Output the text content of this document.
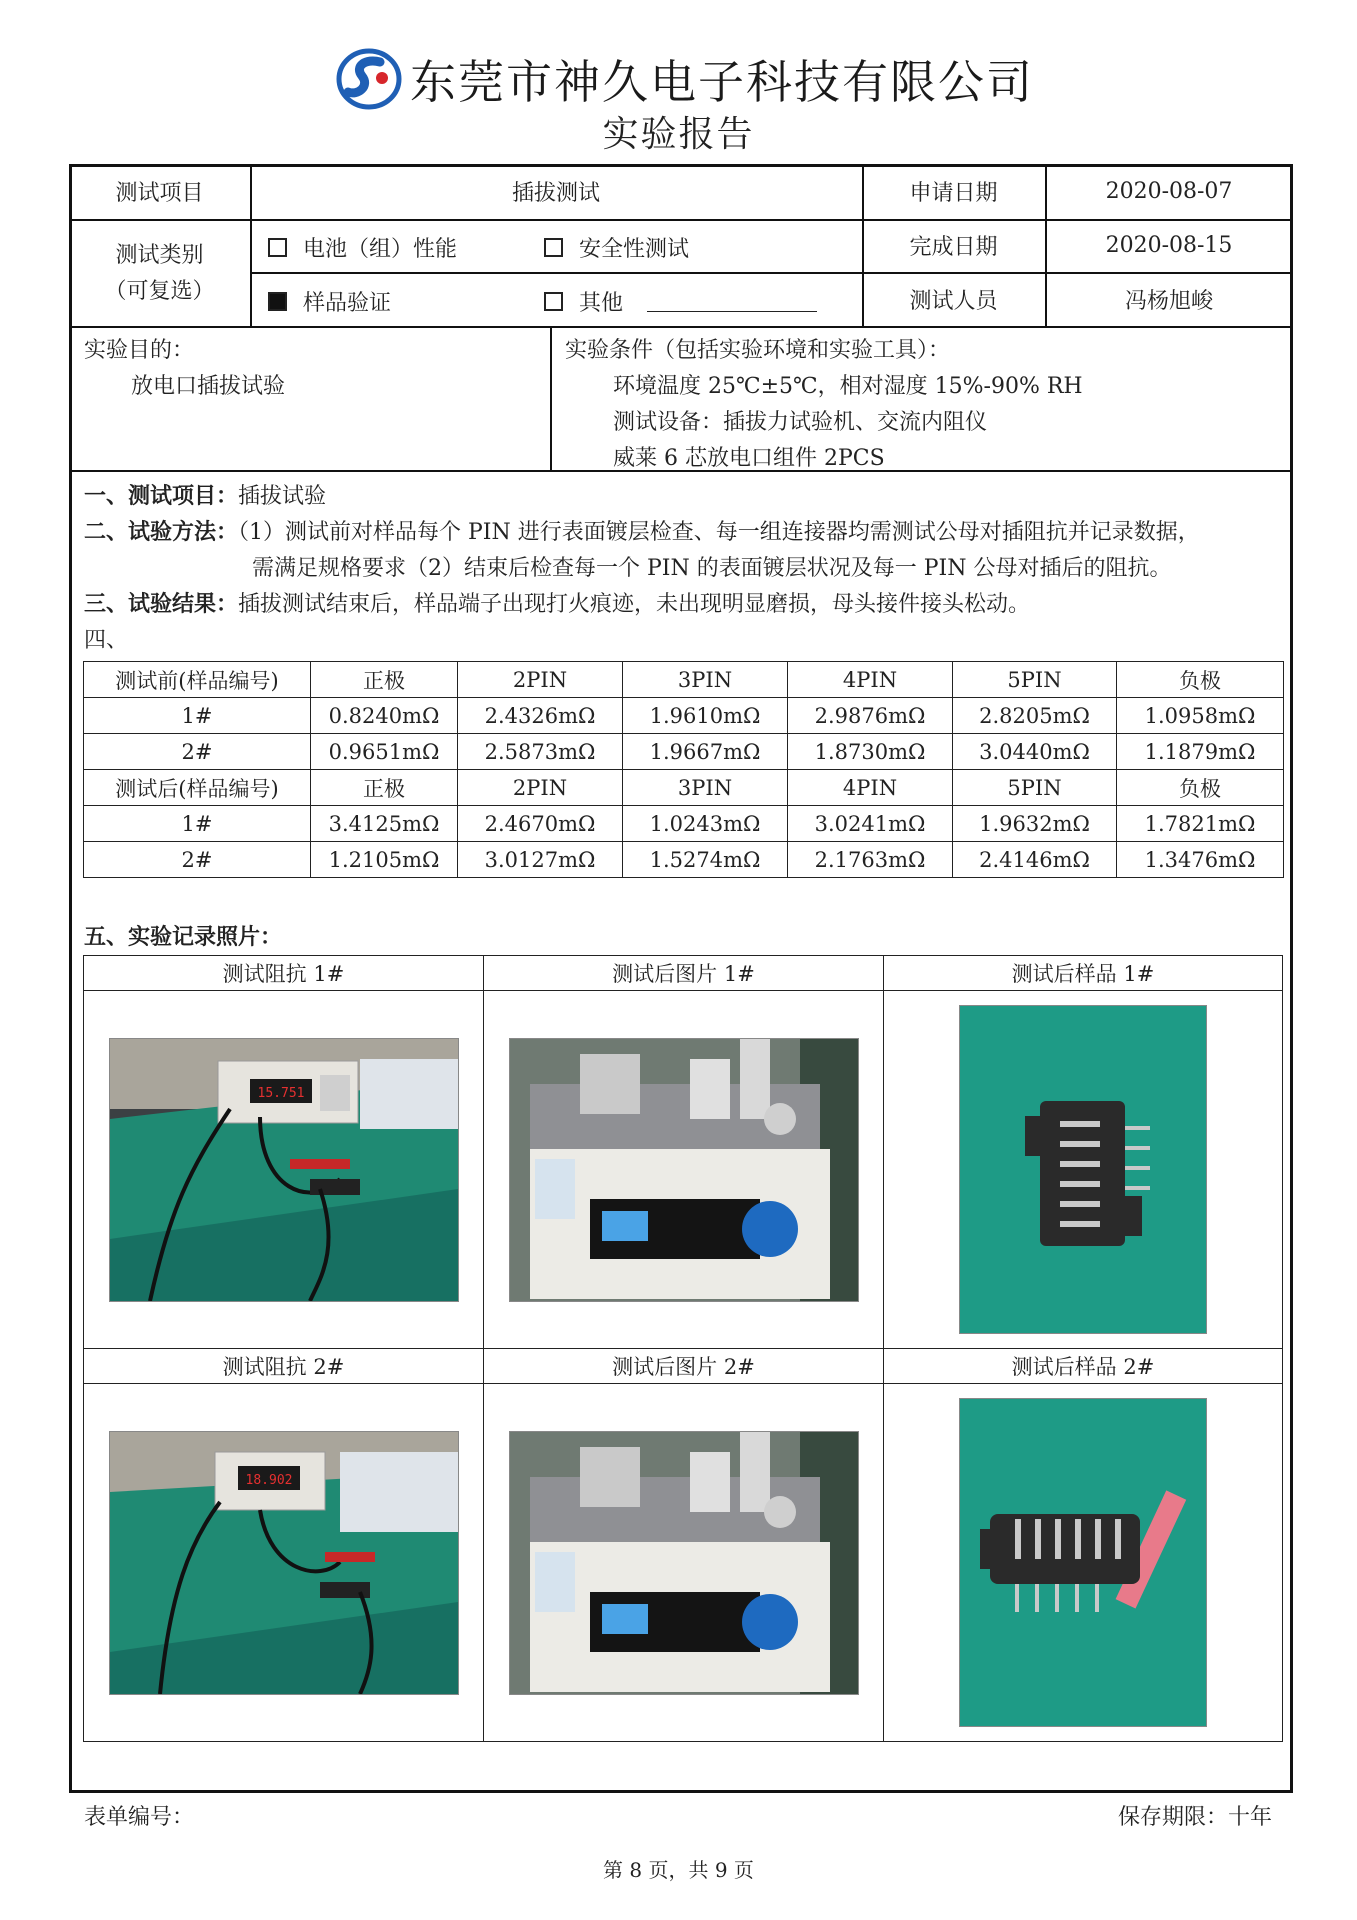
东莞市神久电子科技有限公司
实验报告
测试项目	插拔测试	申请日期	2020-08-07
测试类别
（可复选）
电池（组）性能	安全性测试
样品验证	其他
完成日期	2020-08-15
测试人员	冯杨旭峻
实验目的：
放电口插拔试验
实验条件（包括实验环境和实验工具）：
环境温度 25℃±5℃，相对湿度 15%-90% RH
测试设备：插拔力试验机、交流内阻仪
威莱 6 芯放电口组件 2PCS
一、测试项目：插拔试验
二、试验方法：（1）测试前对样品每个 PIN 进行表面镀层检查、每一组连接器均需测试公母对插阻抗并记录数据，
需满足规格要求（2）结束后检查每一个 PIN 的表面镀层状况及每一 PIN 公母对插后的阻抗。
三、试验结果：插拔测试结束后，样品端子出现打火痕迹，未出现明显磨损，母头接件接头松动。
四、
测试前(样品编号)	正极	2PIN	3PIN	4PIN	5PIN	负极
1#	0.8240mΩ	2.4326mΩ	1.9610mΩ	2.9876mΩ	2.8205mΩ	1.0958mΩ
2#	0.9651mΩ	2.5873mΩ	1.9667mΩ	1.8730mΩ	3.0440mΩ	1.1879mΩ
测试后(样品编号)	正极	2PIN	3PIN	4PIN	5PIN	负极
1#	3.4125mΩ	2.4670mΩ	1.0243mΩ	3.0241mΩ	1.9632mΩ	1.7821mΩ
2#	1.2105mΩ	3.0127mΩ	1.5274mΩ	2.1763mΩ	2.4146mΩ	1.3476mΩ
五、实验记录照片：
测试阻抗 1#	测试后图片 1#	测试后样品 1#

15.751

测试阻抗 2#	测试后图片 2#	测试后样品 2#

18.902

表单编号：	保存期限：十年
第 8 页，共 9 页
